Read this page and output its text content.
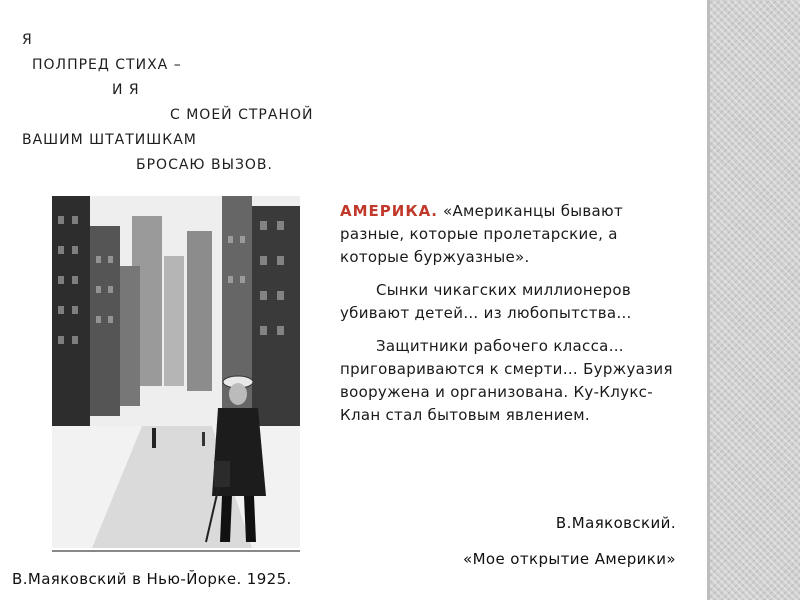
Я
ПОЛПРЕД СТИХА –
И Я
С МОЕЙ СТРАНОЙ
ВАШИМ ШТАТИШКАМ
БРОСАЮ ВЫЗОВ.
В.Маяковский в Нью-Йорке. 1925.

АМЕРИКА. «Американцы бывают разные, которые пролетарские, а которые буржуазные».

Сынки чикагских миллионеров убивают детей… из любопытства…

Защитники рабочего класса… приговариваются к смерти… Буржуазия вооружена и организована. Ку-Клукс-Клан стал бытовым явлением.

В.Маяковский.
«Мое открытие Америки»
